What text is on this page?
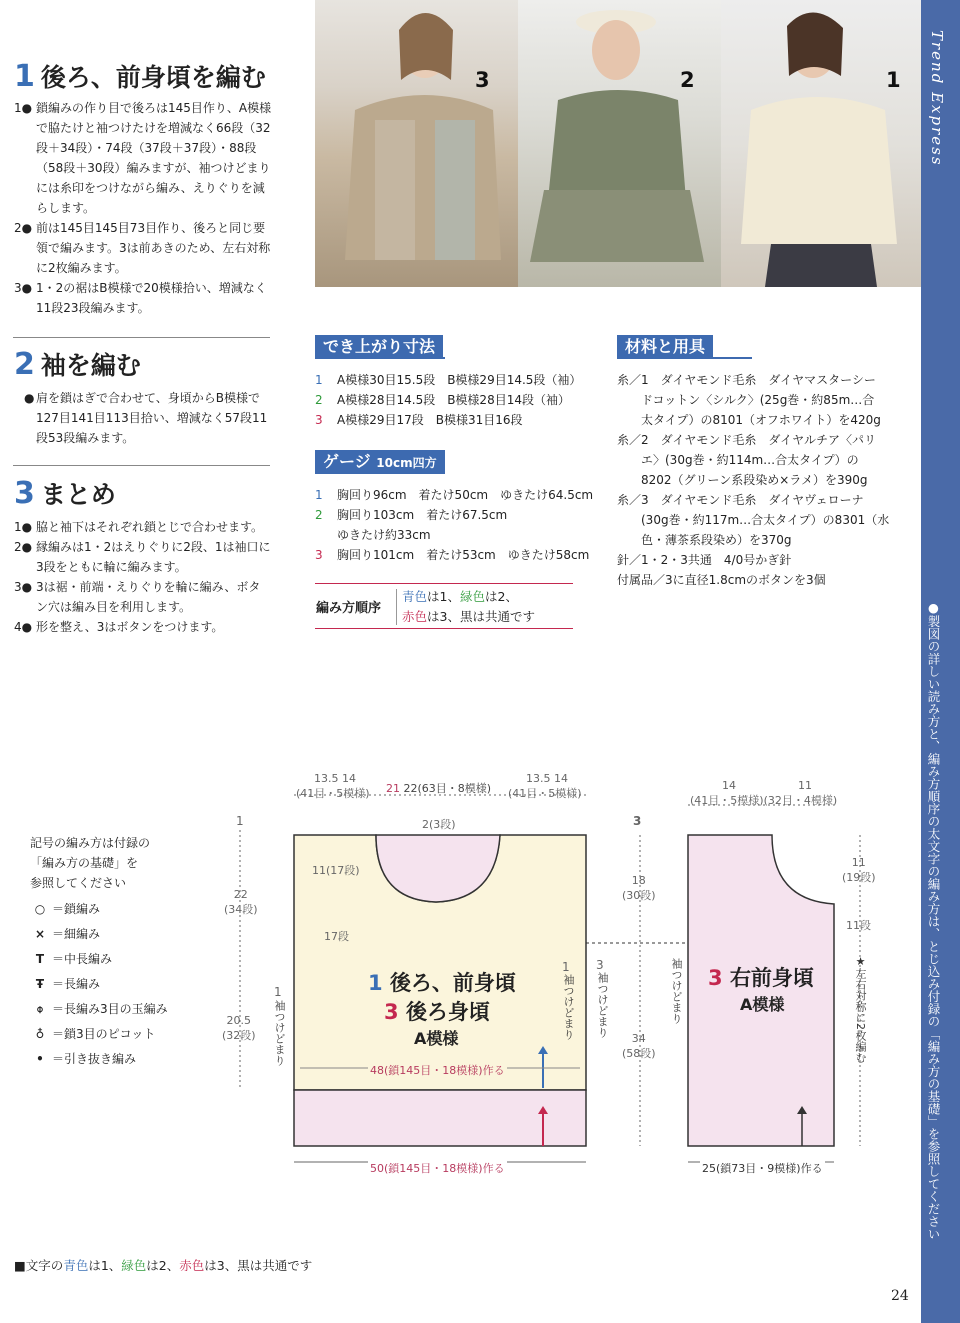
1 後ろ、前身頃を編む
1● 鎖編みの作り目で後ろは145目作り、A模様で脇たけと袖つけたけを増減なく66段（32段＋34段）・74段（37段＋37段）・88段（58段＋30段）編みますが、袖つけどまりには糸印をつけながら編み、えりぐりを減らします。
2● 前は145目145目73目作り、後ろと同じ要領で編みます。3は前あきのため、左右対称に2枚編みます。
3● 1・2の裾はB模様で20模様拾い、増減なく11段23段編みます。
2 袖を編む
● 肩を鎖はぎで合わせて、身頃からB模様で127目141目113目拾い、増減なく57段11段53段編みます。
3 まとめ
1● 脇と袖下はそれぞれ鎖とじで合わせます。
2● 縁編みは1・2はえりぐりに2段、1は袖口に3段をともに輪に編みます。
3● 3は裾・前端・えりぐりを輪に編み、ボタン穴は編み目を利用します。
4● 形を整え、3はボタンをつけます。
3	2	1 Trend Express
●製図の詳しい読み方と、編み方順序の太文字の編み方は、とじ込み付録の「編み方の基礎」を参照してください
でき上がり寸法
1 A模様30目15.5段　B模様29目14.5段（袖）
2 A模様28目14.5段　B模様28目14段（袖）
3 A模様29目17段　B模様31目16段
ゲージ 10cm四方
1 胸回り96cm　着たけ50cm　ゆきたけ64.5cm
2 胸回り103cm　着たけ67.5cm
ゆきたけ約33cm
3 胸回り101cm　着たけ53cm　ゆきたけ58cm
編み方順序
青色は1、緑色は2、
赤色は3、黒は共通です
材料と用具
糸／1　ダイヤモンド毛糸　ダイヤマスターシー
　　ドコットン〈シルク〉(25g巻・約85m…合
　　太タイプ）の8101（オフホワイト）を420g
糸／2　ダイヤモンド毛糸　ダイヤルチア〈パリ
　　エ〉(30g巻・約114m…合太タイプ）の
　　8202（グリーン系段染め×ラメ）を390g
糸／3　ダイヤモンド毛糸　ダイヤヴェローナ
　　(30g巻・約117m…合太タイプ）の8301（水
　　色・薄茶系段染め）を370g
針／1・2・3共通　4/0号かぎ針
付属品／3に直径1.8cmのボタンを3個
記号の編み方は付録の
「編み方の基礎」を
参照してください
○ ＝鎖編み
× ＝細編み
T ＝中長編み
Ŧ ＝長編み
⌽ ＝長編み3目の玉編み
♁ ＝鎖3目のピコット
• ＝引き抜き編み
13.5 14
(41目・5模様) 21 22(63目・8模様)
13.5 14
(41目・5模様)
2(3段)
1
22
(34段)
20.5
(32段)
11(17段)
17段
1
袖つけどまり
1 後ろ、前身頃
3 後ろ身頃
A模様
1
袖つけどまり
3
袖つけどまり
48(鎖145目・18模様)作る
50(鎖145目・18模様)作る
3
18
(30段)
34
(58段)
袖つけどまり
14	11
(41目・5模様)(32目・4模様)
11
(19段)
11段
★左右対称に2枚編む
3 右前身頃
A模様
25(鎖73目・9模様)作る
■文字の青色は1、緑色は2、赤色は3、黒は共通です
24
